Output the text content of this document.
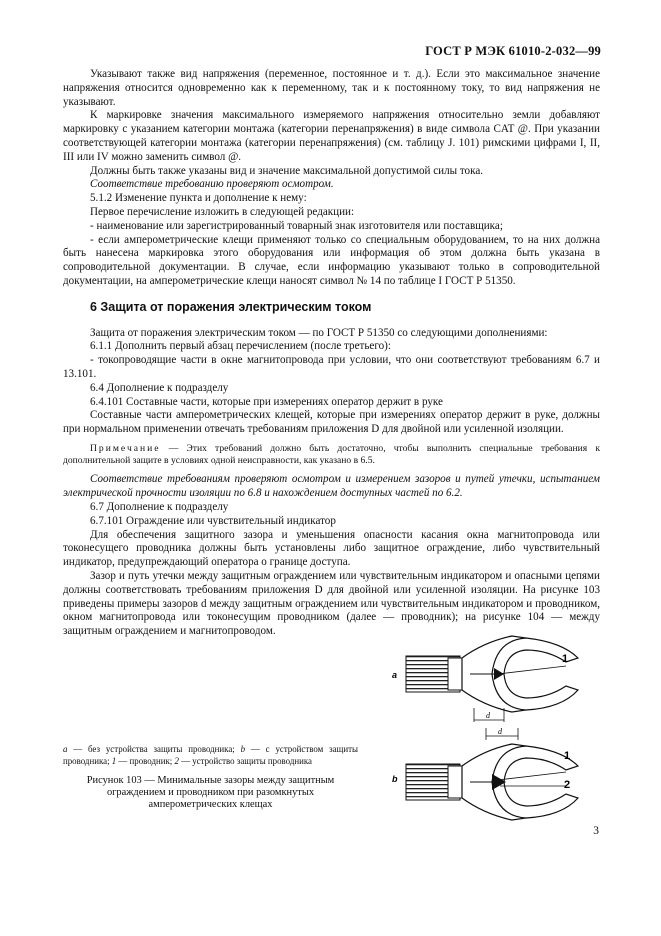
ГОСТ Р МЭК 61010-2-032—99

Указывают также вид напряжения (переменное, постоянное и т. д.). Если это максимальное значение напряжения относится одновременно как к переменному, так и к постоянному току, то вид напряжения не указывают.

К маркировке значения максимального измеряемого напряжения относительно земли добавляют маркировку с указанием категории монтажа (категории перенапряжения) в виде символа CAT @. При указании соответствующей категории монтажа (категории перенапряжения) (см. таблицу J. 101) римскими цифрами I, II, III или IV можно заменить символ @.

Должны быть также указаны вид и значение максимальной допустимой силы тока.

Соответствие требованию проверяют осмотром.

5.1.2 Изменение пункта и дополнение к нему:

Первое перечисление изложить в следующей редакции:

- наименование или зарегистрированный товарный знак изготовителя или поставщика;

- если амперометрические клещи применяют только со специальным оборудованием, то на них должна быть нанесена маркировка этого оборудования или информация об этом должна быть указана в сопроводительной документации. В случае, если информацию указывают только в сопроводительной документации, на амперометрические клещи наносят символ № 14 по таблице I ГОСТ Р 51350.

6 Защита от поражения электрическим током

Защита от поражения электрическим током — по ГОСТ Р 51350 со следующими дополнениями:

6.1.1 Дополнить первый абзац перечислением (после третьего):

- токопроводящие части в окне магнитопровода при условии, что они соответствуют требованиям 6.7 и 13.101.

6.4 Дополнение к подразделу

6.4.101 Составные части, которые при измерениях оператор держит в руке

Составные части амперометрических клещей, которые при измерениях оператор держит в руке, должны при нормальном применении отвечать требованиям приложения D для двойной или усиленной изоляции.

Примечание — Этих требований должно быть достаточно, чтобы выполнить специальные требования к дополнительной защите в условиях одной неисправности, как указано в 6.5.

Соответствие требованиям проверяют осмотром и измерением зазоров и путей утечки, испытанием электрической прочности изоляции по 6.8 и нахождением доступных частей по 6.2.

6.7 Дополнение к подразделу

6.7.101 Ограждение или чувствительный индикатор

Для обеспечения защитного зазора и уменьшения опасности касания окна магнитопровода или токонесущего проводника должны быть установлены либо защитное ограждение, либо чувствительный индикатор, предупреждающий оператора о границе доступа.

Зазор и путь утечки между защитным ограждением или чувствительным индикатором и опасными цепями должны соответствовать требованиям приложения D для двойной или усиленной изоляции. На рисунке 103 приведены примеры зазоров d между защитным ограждением или чувствительным индикатором и проводником, окном магнитопровода или токонесущим проводником (далее — проводник); на рисунке 104 — между защитным ограждением и магнитопроводом.

a
b
1
1
2
d
d
a — без устройства защиты проводника; b — с устройством защиты проводника; 1 — проводник; 2 — устройство защиты проводника
Рисунок 103 — Минимальные зазоры между защитным ограждением и проводником при разомкнутых амперометрических клещах
3
